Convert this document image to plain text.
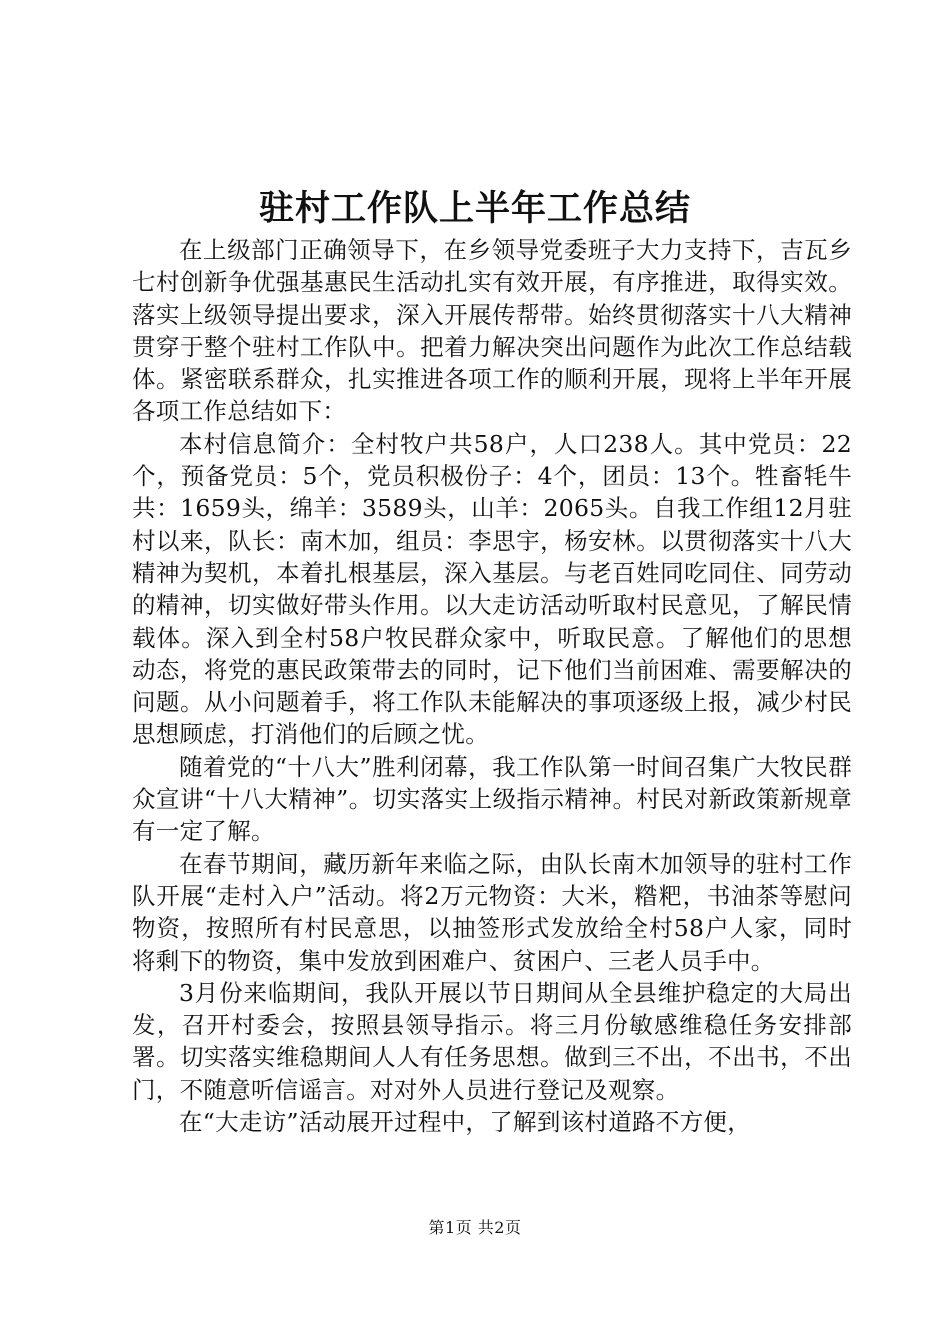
驻村工作队上半年工作总结

在上级部门正确领导下，在乡领导党委班子大力支持下，吉瓦乡七村创新争优强基惠民生活动扎实有效开展，有序推进，取得实效。落实上级领导提出要求，深入开展传帮带。始终贯彻落实十八大精神贯穿于整个驻村工作队中。把着力解决突出问题作为此次工作总结载体。紧密联系群众，扎实推进各项工作的顺利开展，现将上半年开展各项工作总结如下：

本村信息简介：全村牧户共58户，人口238人。其中党员：22个，预备党员：5个，党员积极份子：4个，团员：13个。牲畜牦牛共：1659头，绵羊：3589头，山羊：2065头。自我工作组12月驻村以来，队长：南木加，组员：李思宇，杨安林。以贯彻落实十八大精神为契机，本着扎根基层，深入基层。与老百姓同吃同住、同劳动的精神，切实做好带头作用。以大走访活动听取村民意见，了解民情载体。深入到全村58户牧民群众家中，听取民意。了解他们的思想动态，将党的惠民政策带去的同时，记下他们当前困难、需要解决的问题。从小问题着手，将工作队未能解决的事项逐级上报，减少村民思想顾虑，打消他们的后顾之忧。

随着党的“十八大”胜利闭幕，我工作队第一时间召集广大牧民群众宣讲“十八大精神”。切实落实上级指示精神。村民对新政策新规章有一定了解。

在春节期间，藏历新年来临之际，由队长南木加领导的驻村工作队开展“走村入户”活动。将2万元物资：大米，糌粑，书油茶等慰问物资，按照所有村民意思，以抽签形式发放给全村58户人家，同时将剩下的物资，集中发放到困难户、贫困户、三老人员手中。

3月份来临期间，我队开展以节日期间从全县维护稳定的大局出发，召开村委会，按照县领导指示。将三月份敏感维稳任务安排部署。切实落实维稳期间人人有任务思想。做到三不出，不出书，不出门，不随意听信谣言。对对外人员进行登记及观察。

在“大走访”活动展开过程中，了解到该村道路不方便，

第1页 共2页
